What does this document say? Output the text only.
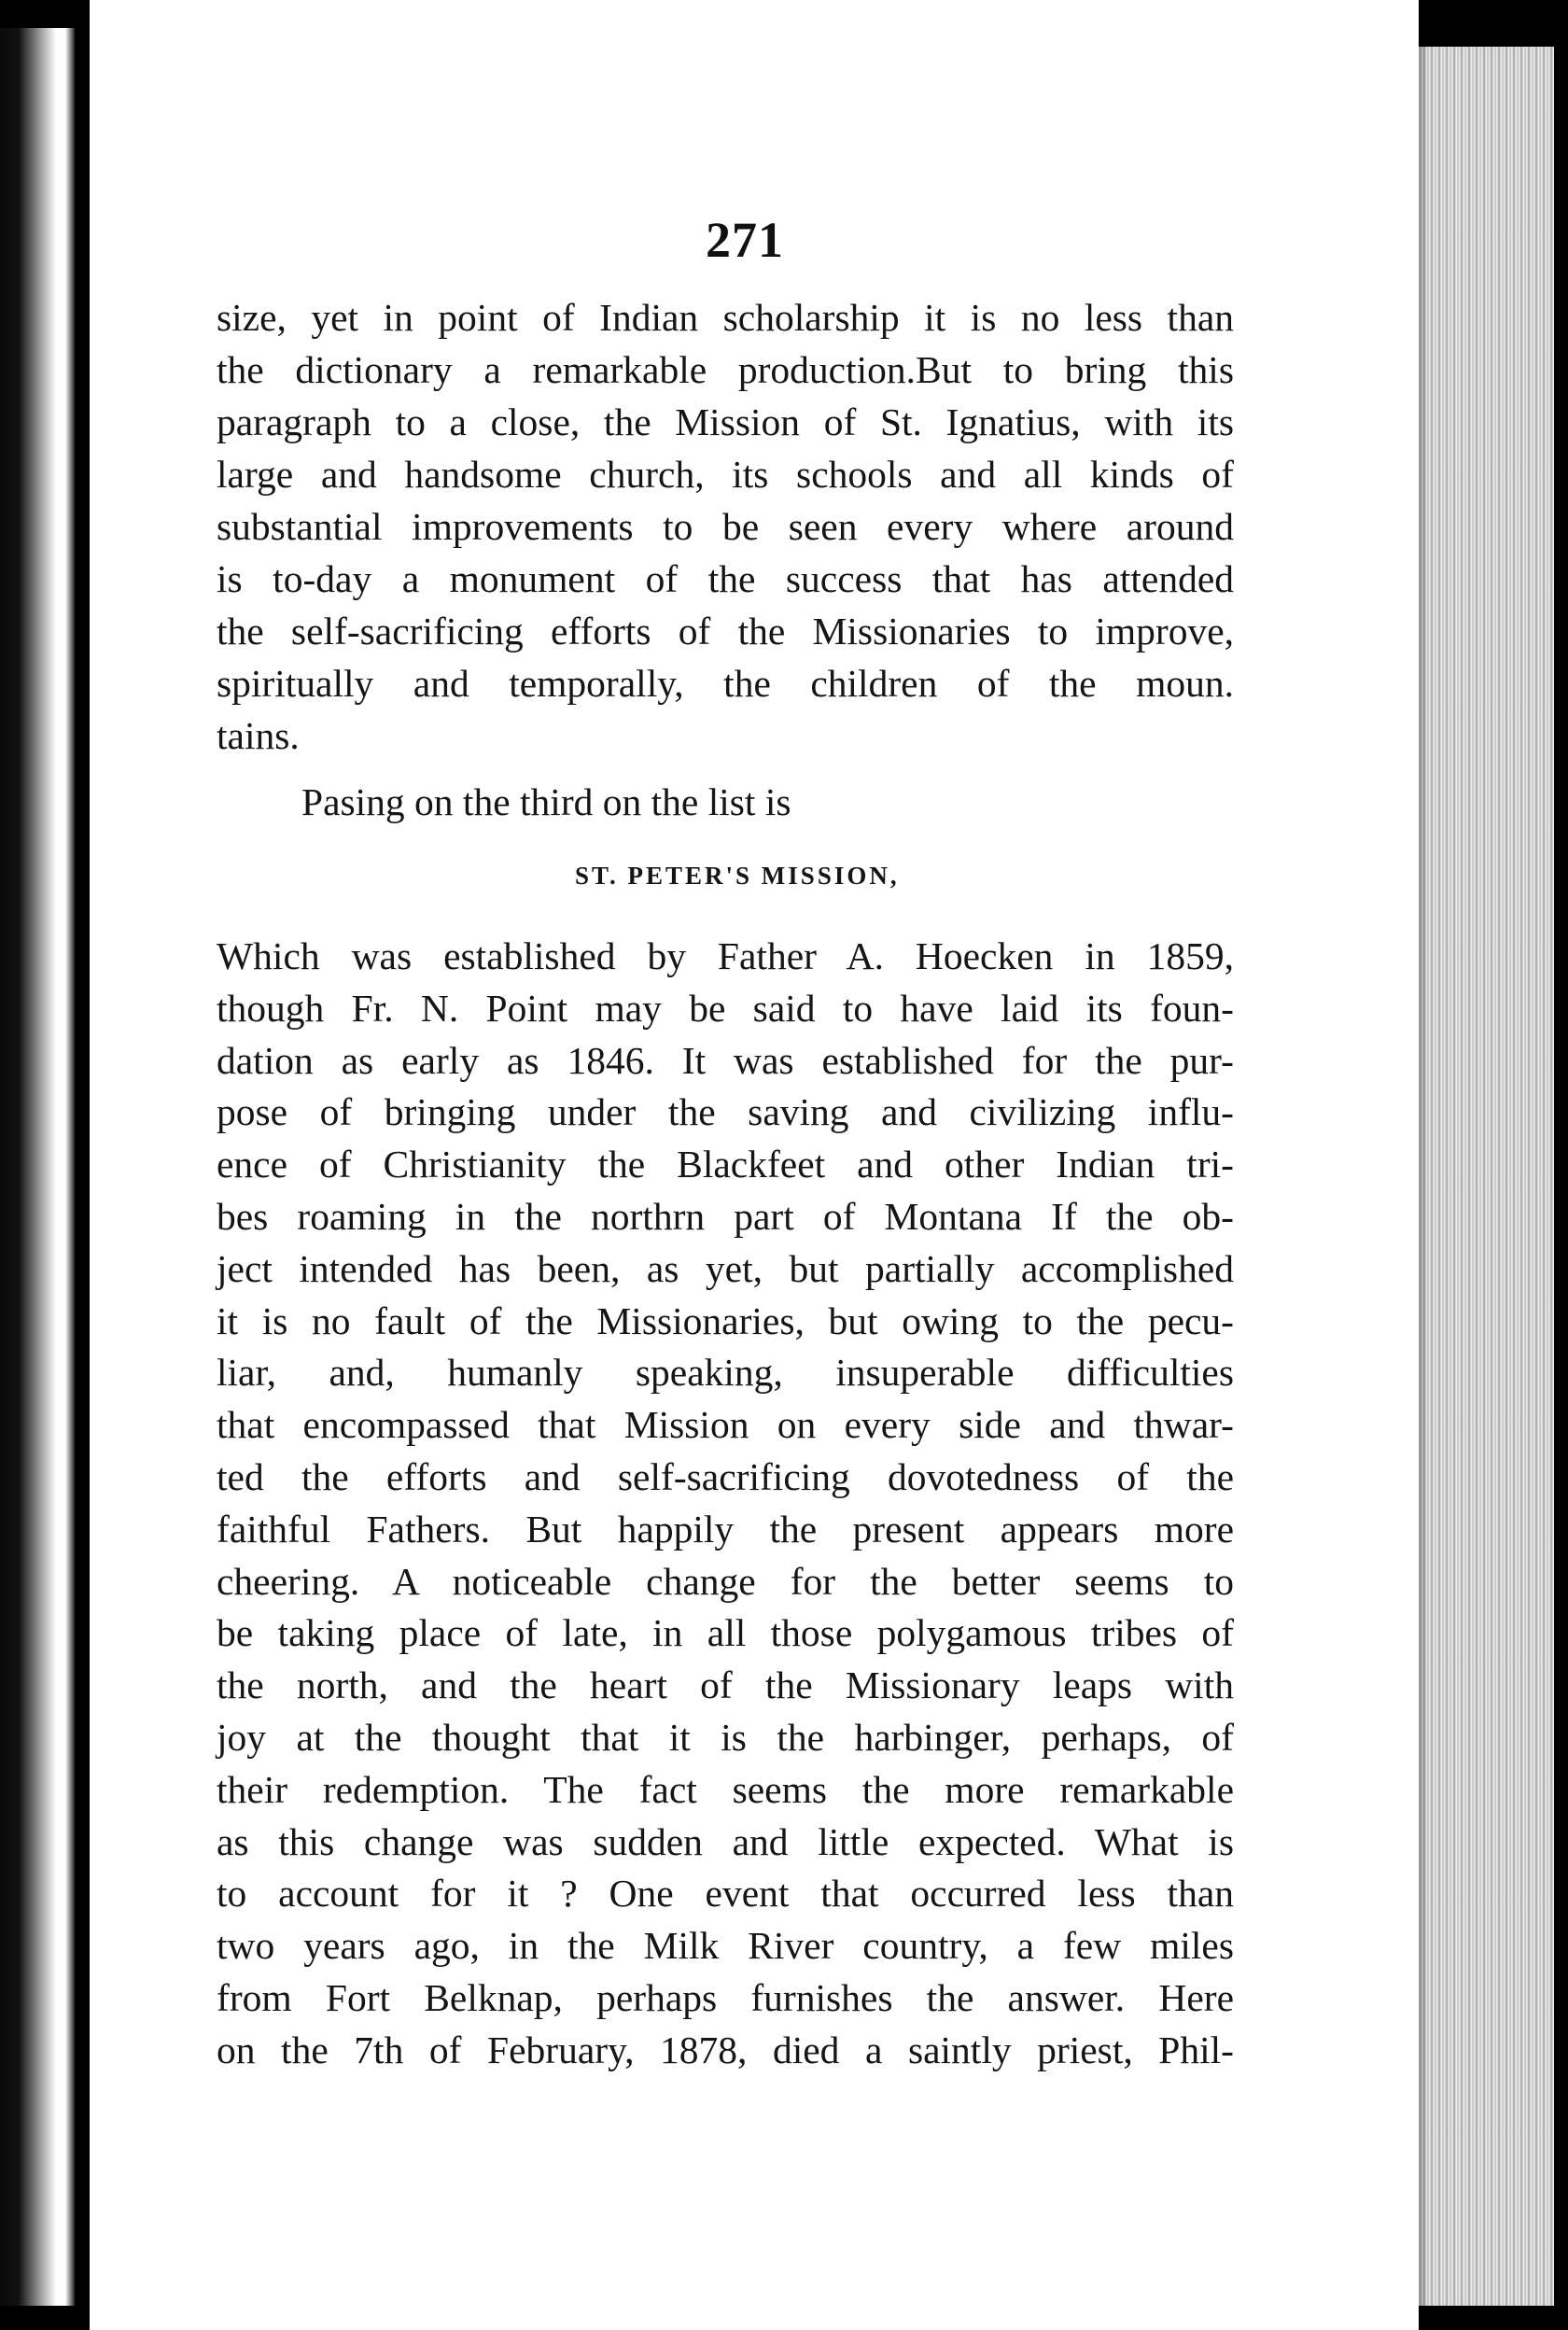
271
size, yet in point of Indian scholarship it is no less than
the dictionary a remarkable production.But to bring this
paragraph to a close, the Mission of St. Ignatius, with its
large and handsome church, its schools and all kinds of
substantial improvements to be seen every where around
is to-day a monument of the success that has attended
the self-sacrificing efforts of the Missionaries to improve,
spiritually and temporally, the children of the moun.
tains.
Pasing on the third on the list is
ST. PETER'S MISSION,
Which was established by Father A. Hoecken in 1859,
though Fr. N. Point may be said to have laid its foun-
dation as early as 1846. It was established for the pur-
pose of bringing under the saving and civilizing influ-
ence of Christianity the Blackfeet and other Indian tri-
bes roaming in the northrn part of Montana If the ob-
ject intended has been, as yet, but partially accomplished
it is no fault of the Missionaries, but owing to the pecu-
liar, and, humanly speaking, insuperable difficulties
that encompassed that Mission on every side and thwar-
ted the efforts and self-sacrificing dovotedness of the
faithful Fathers. But happily the present appears more
cheering. A noticeable change for the better seems to
be taking place of late, in all those polygamous tribes of
the north, and the heart of the Missionary leaps with
joy at the thought that it is the harbinger, perhaps, of
their redemption. The fact seems the more remarkable
as this change was sudden and little expected. What is
to account for it ? One event that occurred less than
two years ago, in the Milk River country, a few miles
from Fort Belknap, perhaps furnishes the answer. Here
on the 7th of February, 1878, died a saintly priest, Phil-
